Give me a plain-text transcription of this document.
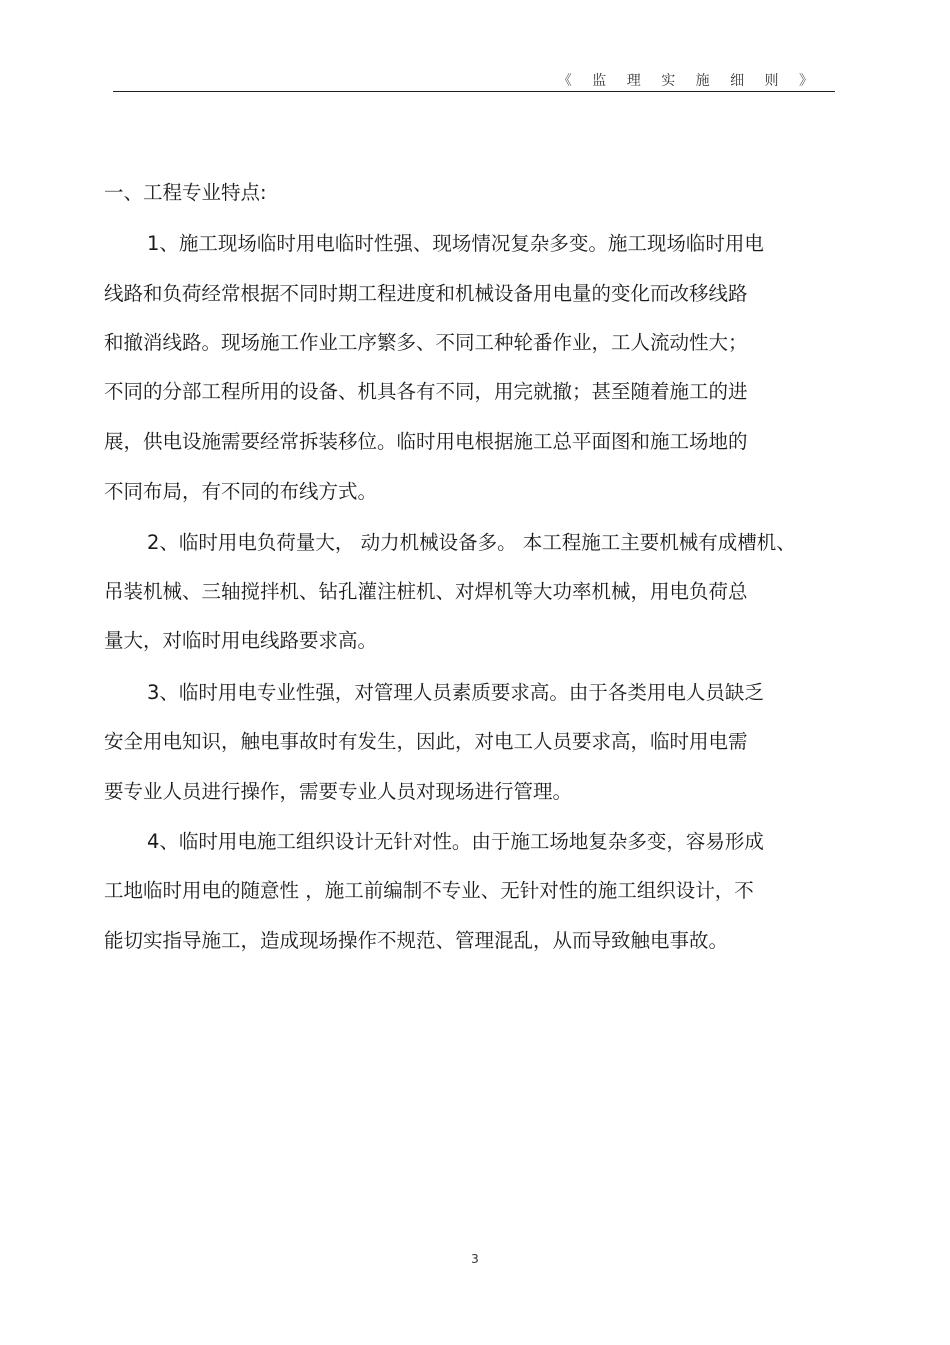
《 监 理 实 施 细 则 》
一、工程专业特点:
1、施工现场临时用电临时性强、现场情况复杂多变。施工现场临时用电
线路和负荷经常根据不同时期工程进度和机械设备用电量的变化而改移线路
和撤消线路。现场施工作业工序繁多、不同工种轮番作业，工人流动性大；
不同的分部工程所用的设备、机具各有不同，用完就撤；甚至随着施工的进
展，供电设施需要经常拆装移位。临时用电根据施工总平面图和施工场地的
不同布局，有不同的布线方式。
2、临时用电负荷量大， 动力机械设备多。 本工程施工主要机械有成槽机、
吊装机械、三轴搅拌机、钻孔灌注桩机、对焊机等大功率机械，用电负荷总
量大，对临时用电线路要求高。
3、临时用电专业性强，对管理人员素质要求高。由于各类用电人员缺乏
安全用电知识，触电事故时有发生，因此，对电工人员要求高，临时用电需
要专业人员进行操作，需要专业人员对现场进行管理。
4、临时用电施工组织设计无针对性。由于施工场地复杂多变，容易形成
工地临时用电的随意性 ，施工前编制不专业、无针对性的施工组织设计，不
能切实指导施工，造成现场操作不规范、管理混乱，从而导致触电事故。
3
